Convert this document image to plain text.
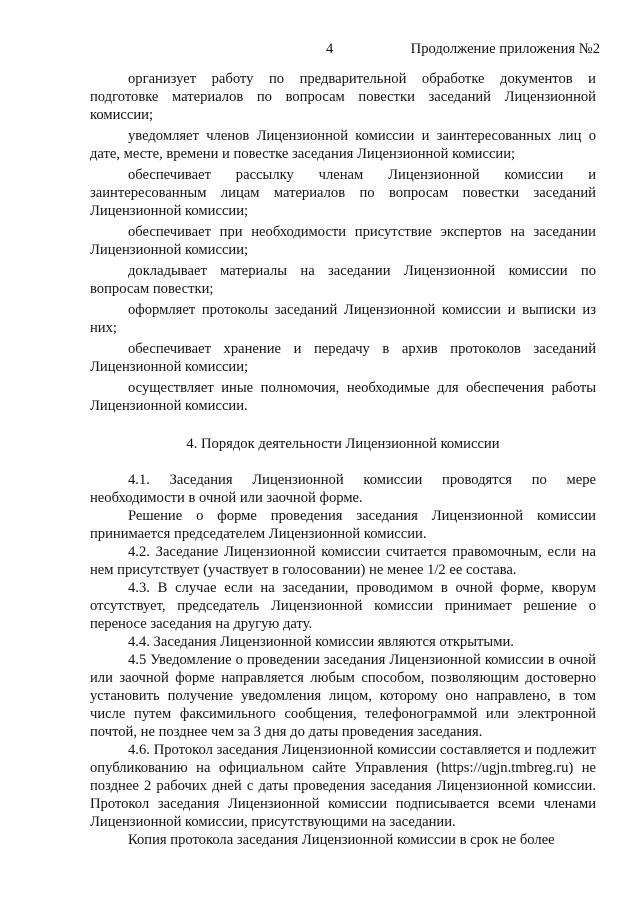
4	Продолжение приложения №2

организует работу по предварительной обработке документов и подготовке материалов по вопросам повестки заседаний Лицензионной комиссии;

уведомляет членов Лицензионной комиссии и заинтересованных лиц о дате, месте, времени и повестке заседания Лицензионной комиссии;

обеспечивает рассылку членам Лицензионной комиссии и заинтересованным лицам материалов по вопросам повестки заседаний Лицензионной комиссии;

обеспечивает при необходимости присутствие экспертов на заседании Лицензионной комиссии;

докладывает материалы на заседании Лицензионной комиссии по вопросам повестки;

оформляет протоколы заседаний Лицензионной комиссии и выписки из них;

обеспечивает хранение и передачу в архив протоколов заседаний Лицензионной комиссии;

осуществляет иные полномочия, необходимые для обеспечения работы Лицензионной комиссии.

4. Порядок деятельности Лицензионной комиссии

4.1. Заседания Лицензионной комиссии проводятся по мере необходимости в очной или заочной форме.

Решение о форме проведения заседания Лицензионной комиссии принимается председателем Лицензионной комиссии.

4.2. Заседание Лицензионной комиссии считается правомочным, если на нем присутствует (участвует в голосовании) не менее 1/2 ее состава.

4.3. В случае если на заседании, проводимом в очной форме, кворум отсутствует, председатель Лицензионной комиссии принимает решение о переносе заседания на другую дату.

4.4. Заседания Лицензионной комиссии являются открытыми.

4.5 Уведомление о проведении заседания Лицензионной комиссии в очной или заочной форме направляется любым способом, позволяющим достоверно установить получение уведомления лицом, которому оно направлено, в том числе путем факсимильного сообщения, телефонограммой или электронной почтой, не позднее чем за 3 дня до даты проведения заседания.

4.6. Протокол заседания Лицензионной комиссии составляется и подлежит опубликованию на официальном сайте Управления (https://ugjn.tmbreg.ru) не позднее 2 рабочих дней с даты проведения заседания Лицензионной комиссии. Протокол заседания Лицензионной комиссии подписывается всеми членами Лицензионной комиссии, присутствующими на заседании.

Копия протокола заседания Лицензионной комиссии в срок не более
